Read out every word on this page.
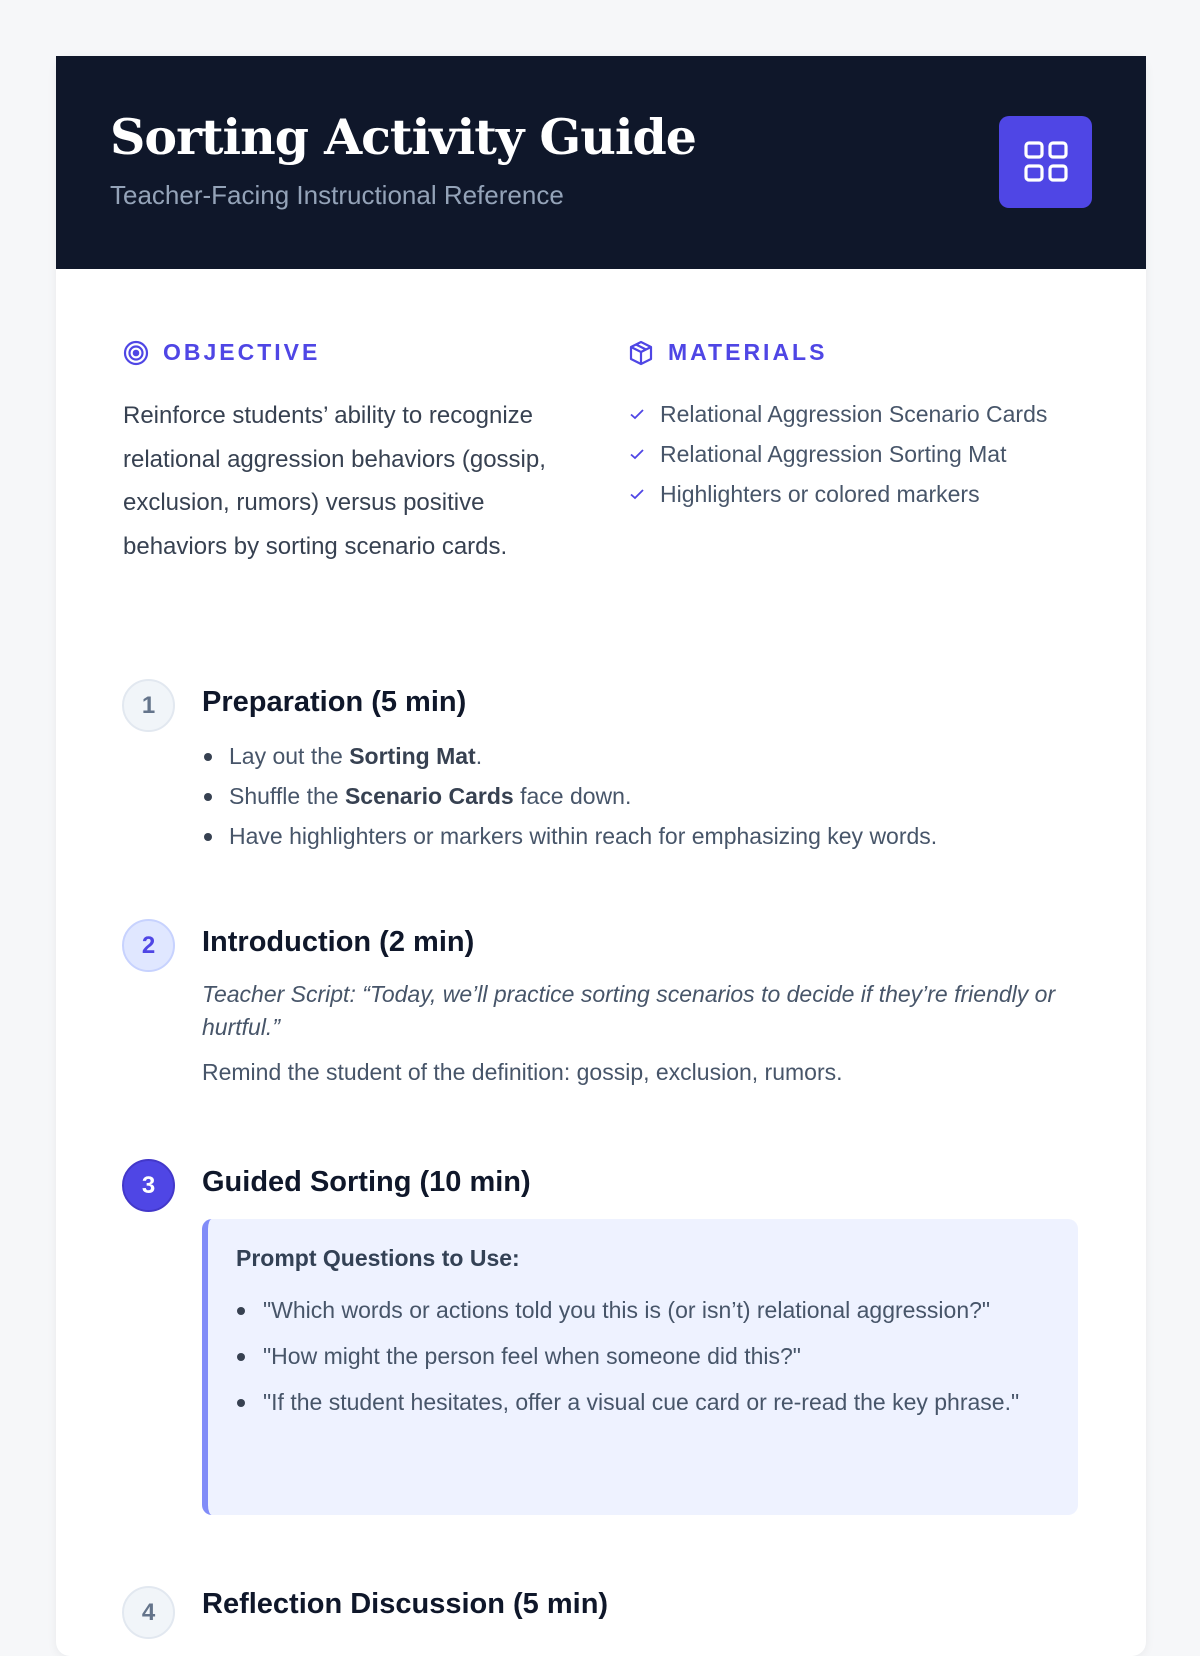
Sorting Activity Guide
Teacher-Facing Instructional Reference
OBJECTIVE
Reinforce students’ ability to recognize relational aggression behaviors (gossip, exclusion, rumors) versus positive behaviors by sorting scenario cards.
MATERIALS
Relational Aggression Scenario Cards
Relational Aggression Sorting Mat
Highlighters or colored markers
1	Preparation (5 min)
Lay out the Sorting Mat.
Shuffle the Scenario Cards face down.
Have highlighters or markers within reach for emphasizing key words.
2	Introduction (2 min)
Teacher Script: “Today, we’ll practice sorting scenarios to decide if they’re friendly or hurtful.”
Remind the student of the definition: gossip, exclusion, rumors.
3	Guided Sorting (10 min)
Prompt Questions to Use:
"Which words or actions told you this is (or isn’t) relational aggression?"
"How might the person feel when someone did this?"
"If the student hesitates, offer a visual cue card or re-read the key phrase."
4	Reflection Discussion (5 min)
